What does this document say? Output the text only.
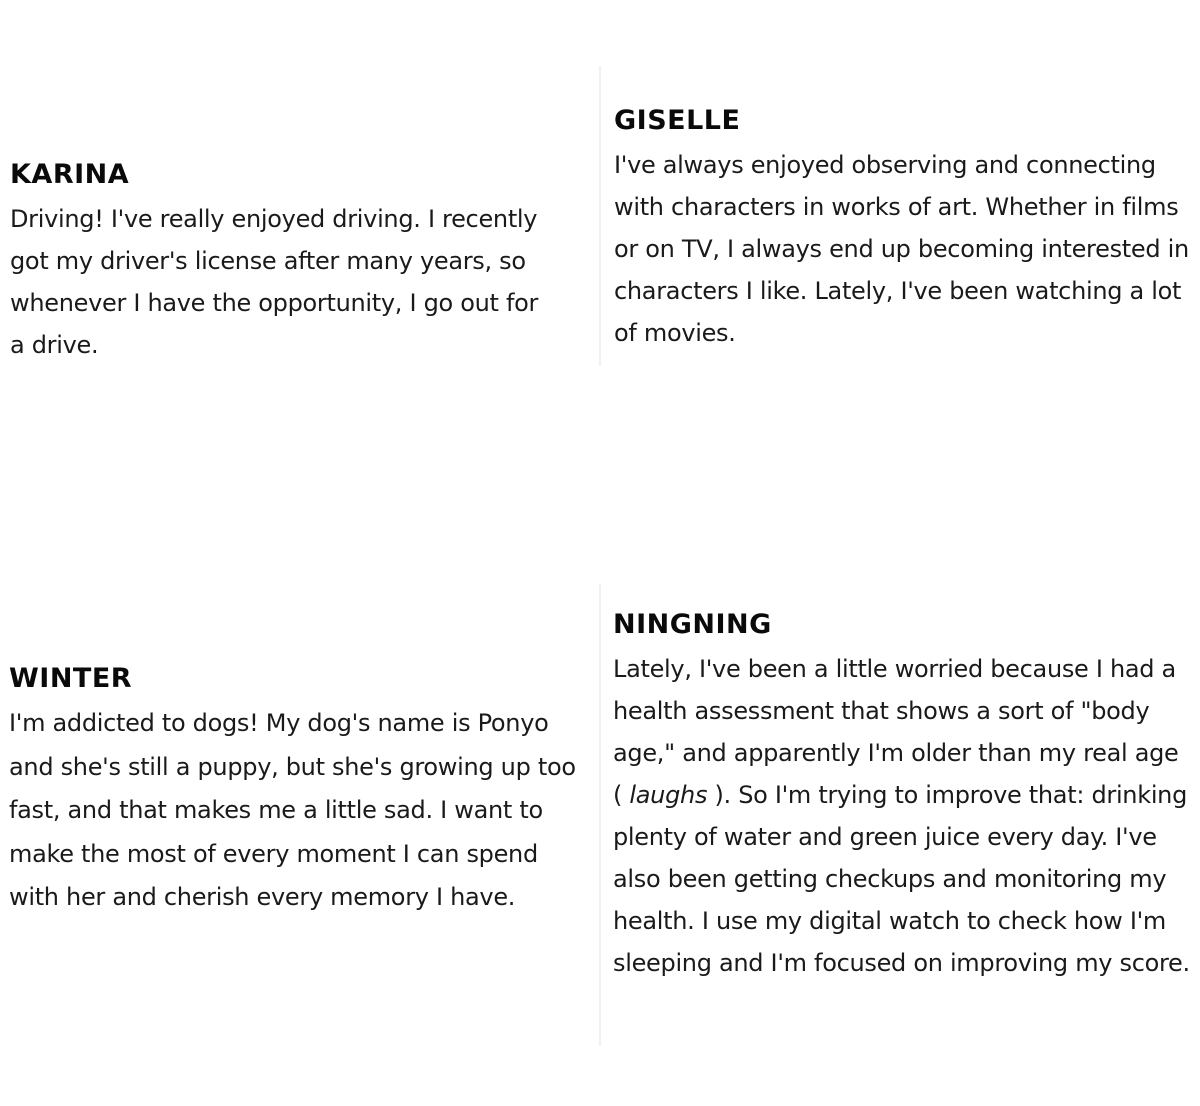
KARINA

Driving! I've really enjoyed driving. I recently got my driver's license after many years, so whenever I have the opportunity, I go out for a drive.

GISELLE

I've always enjoyed observing and connecting with characters in works of art. Whether in films or on TV, I always end up becoming interested in characters I like. Lately, I've been watching a lot of movies.

WINTER

I'm addicted to dogs! My dog's name is Ponyo and she's still a puppy, but she's growing up too fast, and that makes me a little sad. I want to make the most of every moment I can spend with her and cherish every memory I have.

NINGNING

Lately, I've been a little worried because I had a health assessment that shows a sort of "body age," and apparently I'm older than my real age ( laughs ). So I'm trying to improve that: drinking plenty of water and green juice every day. I've also been getting checkups and monitoring my health. I use my digital watch to check how I'm sleeping and I'm focused on improving my score.
